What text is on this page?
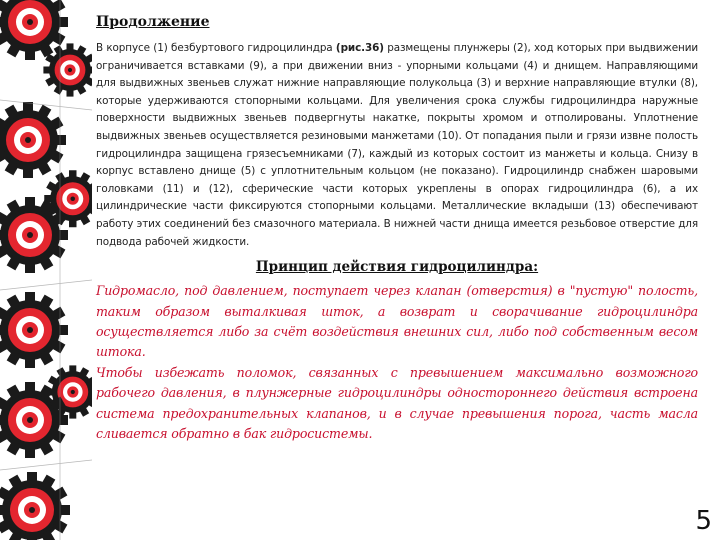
Продолжение

В корпусе (1) безбуртового гидроцилиндра (рис.36) размещены плунжеры (2), ход которых при выдвижении ограничивается вставками (9), а при движении вниз - упорными кольцами (4) и днищем. Направляющими для выдвижных звеньев служат нижние направляющие полукольца (3) и верхние направляющие втулки (8), которые удерживаются стопорными кольцами. Для увеличения срока службы гидроцилиндра наружные поверхности выдвижных звеньев подвергнуты накатке, покрыты хромом и отполированы. Уплотнение выдвижных звеньев осуществляется резиновыми манжетами (10). От попадания пыли и грязи извне полость гидроцилиндра защищена грязесъемниками (7), каждый из которых состоит из манжеты и кольца. Снизу в корпус вставлено днище (5) с уплотнительным кольцом (не показано). Гидроцилиндр снабжен шаровыми головками (11) и (12), сферические части которых укреплены в опорах гидроцилиндра (6), а их цилиндрические части фиксируются стопорными кольцами. Металлические вкладыши (13) обеспечивают работу этих соединений без смазочного материала. В нижней части днища имеется резьбовое отверстие для подвода рабочей жидкости.

Принцип действия гидроцилиндра:

Гидромасло, под давлением, поступает через клапан (отверстия) в "пустую" полость, таким образом выталкивая шток, а возврат и сворачивание гидроцилиндра осуществляется либо за счёт воздействия внешних сил, либо под собственным весом штока.

Чтобы избежать поломок, связанных с превышением максимально возможного рабочего давления, в плунжерные гидроцилиндры одностороннего действия встроена система предохранительных клапанов, и в случае превышения порога, часть масла сливается обратно в бак гидросистемы.

5
